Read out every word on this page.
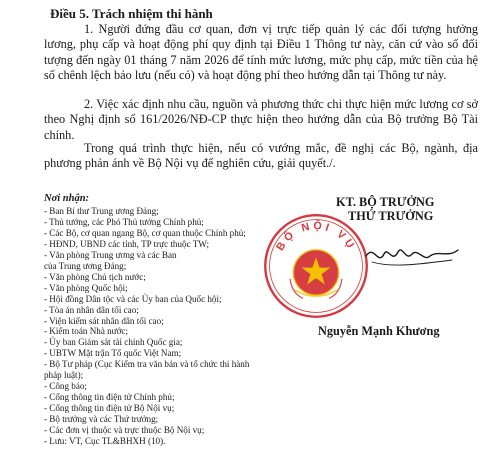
Điều 5. Trách nhiệm thi hành
1. Người đứng đầu cơ quan, đơn vị trực tiếp quản lý các đối tượng hưởng lương, phụ cấp và hoạt động phí quy định tại Điều 1 Thông tư này, căn cứ vào số đối tượng đến ngày 01 tháng 7 năm 2026 để tính mức lương, mức phụ cấp, mức tiền của hệ số chênh lệch bảo lưu (nếu có) và hoạt động phí theo hướng dẫn tại Thông tư này.
2. Việc xác định nhu cầu, nguồn và phương thức chi thực hiện mức lương cơ sở theo Nghị định số 161/2026/NĐ-CP thực hiện theo hướng dẫn của Bộ trưởng Bộ Tài chính.
Trong quá trình thực hiện, nếu có vướng mắc, đề nghị các Bộ, ngành, địa phương phản ánh về Bộ Nội vụ để nghiên cứu, giải quyết./.
Nơi nhận:
- Ban Bí thư Trung ương Đảng;
- Thủ tướng, các Phó Thủ tướng Chính phủ;
- Các Bộ, cơ quan ngang Bộ, cơ quan thuộc Chính phủ;
- HĐND, UBND các tỉnh, TP trực thuộc TW;
- Văn phòng Trung ương và các Ban
của Trung ương Đảng;
- Văn phòng Chủ tịch nước;
- Văn phòng Quốc hội;
- Hội đồng Dân tộc và các Ủy ban của Quốc hội;
- Tòa án nhân dân tối cao;
- Viện kiểm sát nhân dân tối cao;
- Kiểm toán Nhà nước;
- Ủy ban Giám sát tài chính Quốc gia;
- UBTW Mặt trận Tổ quốc Việt Nam;
- Bộ Tư pháp (Cục Kiểm tra văn bản và tổ chức thi hành
pháp luật);
- Công báo;
- Cổng thông tin điện tử Chính phủ;
- Cổng thông tin điện tử Bộ Nội vụ;
- Bộ trưởng và các Thứ trưởng;
- Các đơn vị thuộc và trực thuộc Bộ Nội vụ;
- Lưu: VT, Cục TL&BHXH (10).
BỘ NỘI VỤ
KT. BỘ TRƯỞNG
THỨ TRƯỞNG
Nguyễn Mạnh Khương
